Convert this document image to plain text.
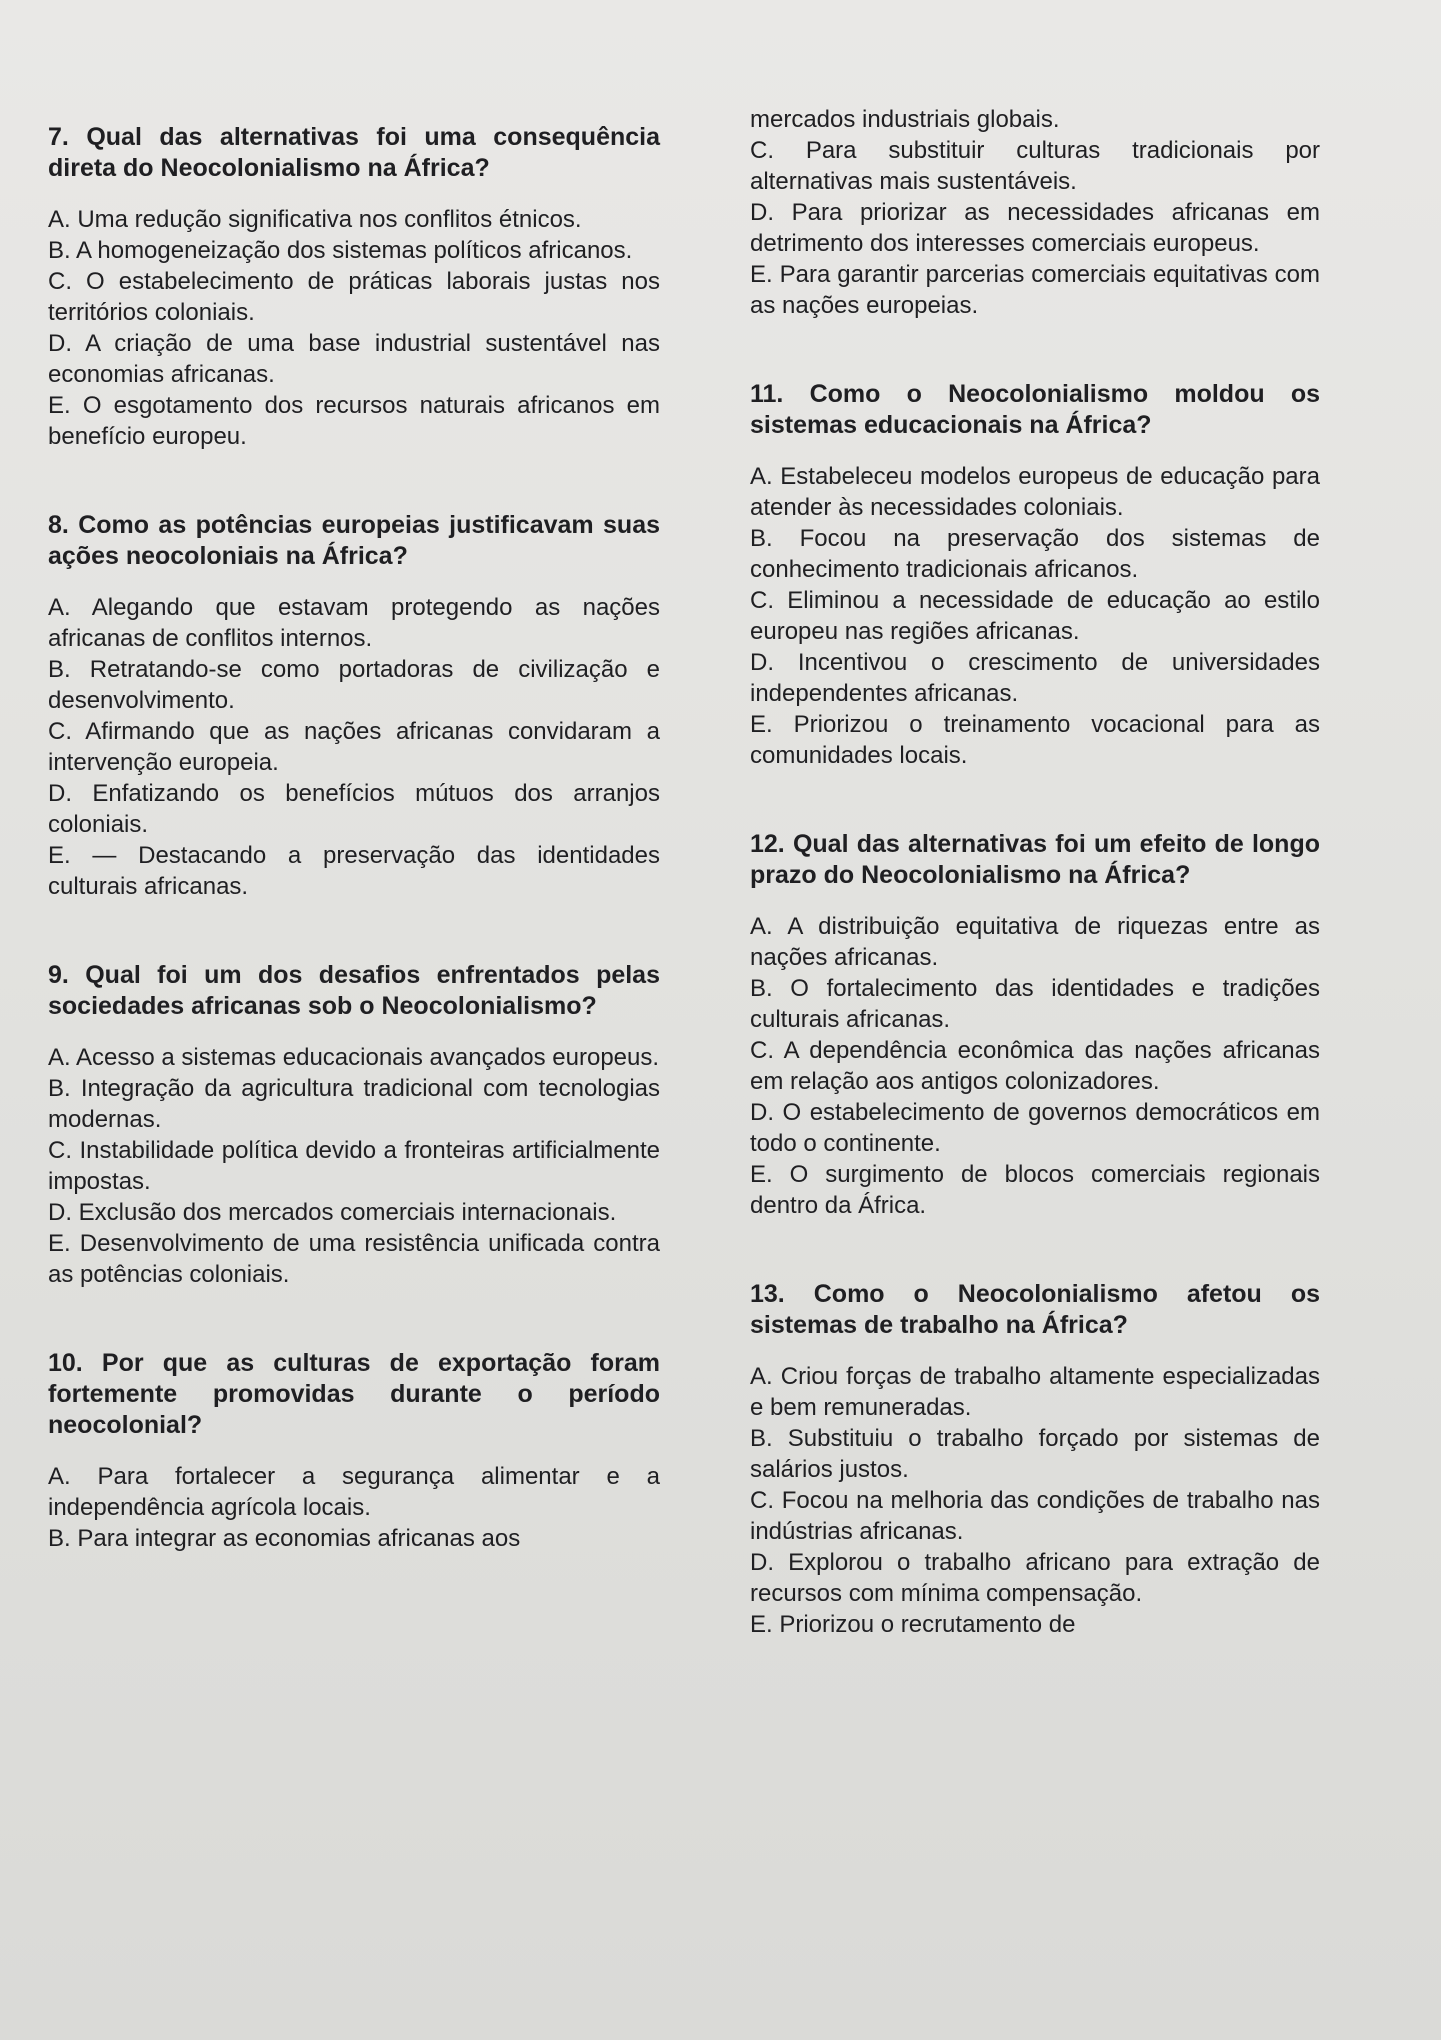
7. Qual das alternativas foi uma consequência direta do Neocolonialismo na África?

A. Uma redução significativa nos conflitos étnicos.

B. A homogeneização dos sistemas políticos africanos.

C. O estabelecimento de práticas laborais justas nos territórios coloniais.

D. A criação de uma base industrial sustentável nas economias africanas.

E. O esgotamento dos recursos naturais africanos em benefício europeu.

8. Como as potências europeias justificavam suas ações neocoloniais na África?

A. Alegando que estavam protegendo as nações africanas de conflitos internos.

B. Retratando-se como portadoras de civilização e desenvolvimento.

C. Afirmando que as nações africanas convidaram a intervenção europeia.

D. Enfatizando os benefícios mútuos dos arranjos coloniais.

E. — Destacando a preservação das identidades culturais africanas.

9. Qual foi um dos desafios enfrentados pelas sociedades africanas sob o Neocolonialismo?

A. Acesso a sistemas educacionais avançados europeus.

B. Integração da agricultura tradicional com tecnologias modernas.

C. Instabilidade política devido a fronteiras artificialmente impostas.

D. Exclusão dos mercados comerciais internacionais.

E. Desenvolvimento de uma resistência unificada contra as potências coloniais.

10. Por que as culturas de exportação foram fortemente promovidas durante o período neocolonial?

A. Para fortalecer a segurança alimentar e a independência agrícola locais.

B. Para integrar as economias africanas aos

mercados industriais globais.

C. Para substituir culturas tradicionais por alternativas mais sustentáveis.

D. Para priorizar as necessidades africanas em detrimento dos interesses comerciais europeus.

E. Para garantir parcerias comerciais equitativas com as nações europeias.

11. Como o Neocolonialismo moldou os sistemas educacionais na África?

A. Estabeleceu modelos europeus de educação para atender às necessidades coloniais.

B. Focou na preservação dos sistemas de conhecimento tradicionais africanos.

C. Eliminou a necessidade de educação ao estilo europeu nas regiões africanas.

D. Incentivou o crescimento de universidades independentes africanas.

E. Priorizou o treinamento vocacional para as comunidades locais.

12. Qual das alternativas foi um efeito de longo prazo do Neocolonialismo na África?

A. A distribuição equitativa de riquezas entre as nações africanas.

B. O fortalecimento das identidades e tradições culturais africanas.

C. A dependência econômica das nações africanas em relação aos antigos colonizadores.

D. O estabelecimento de governos democráticos em todo o continente.

E. O surgimento de blocos comerciais regionais dentro da África.

13. Como o Neocolonialismo afetou os sistemas de trabalho na África?

A. Criou forças de trabalho altamente especializadas e bem remuneradas.

B. Substituiu o trabalho forçado por sistemas de salários justos.

C. Focou na melhoria das condições de trabalho nas indústrias africanas.

D. Explorou o trabalho africano para extração de recursos com mínima compensação.

E. Priorizou o recrutamento de
